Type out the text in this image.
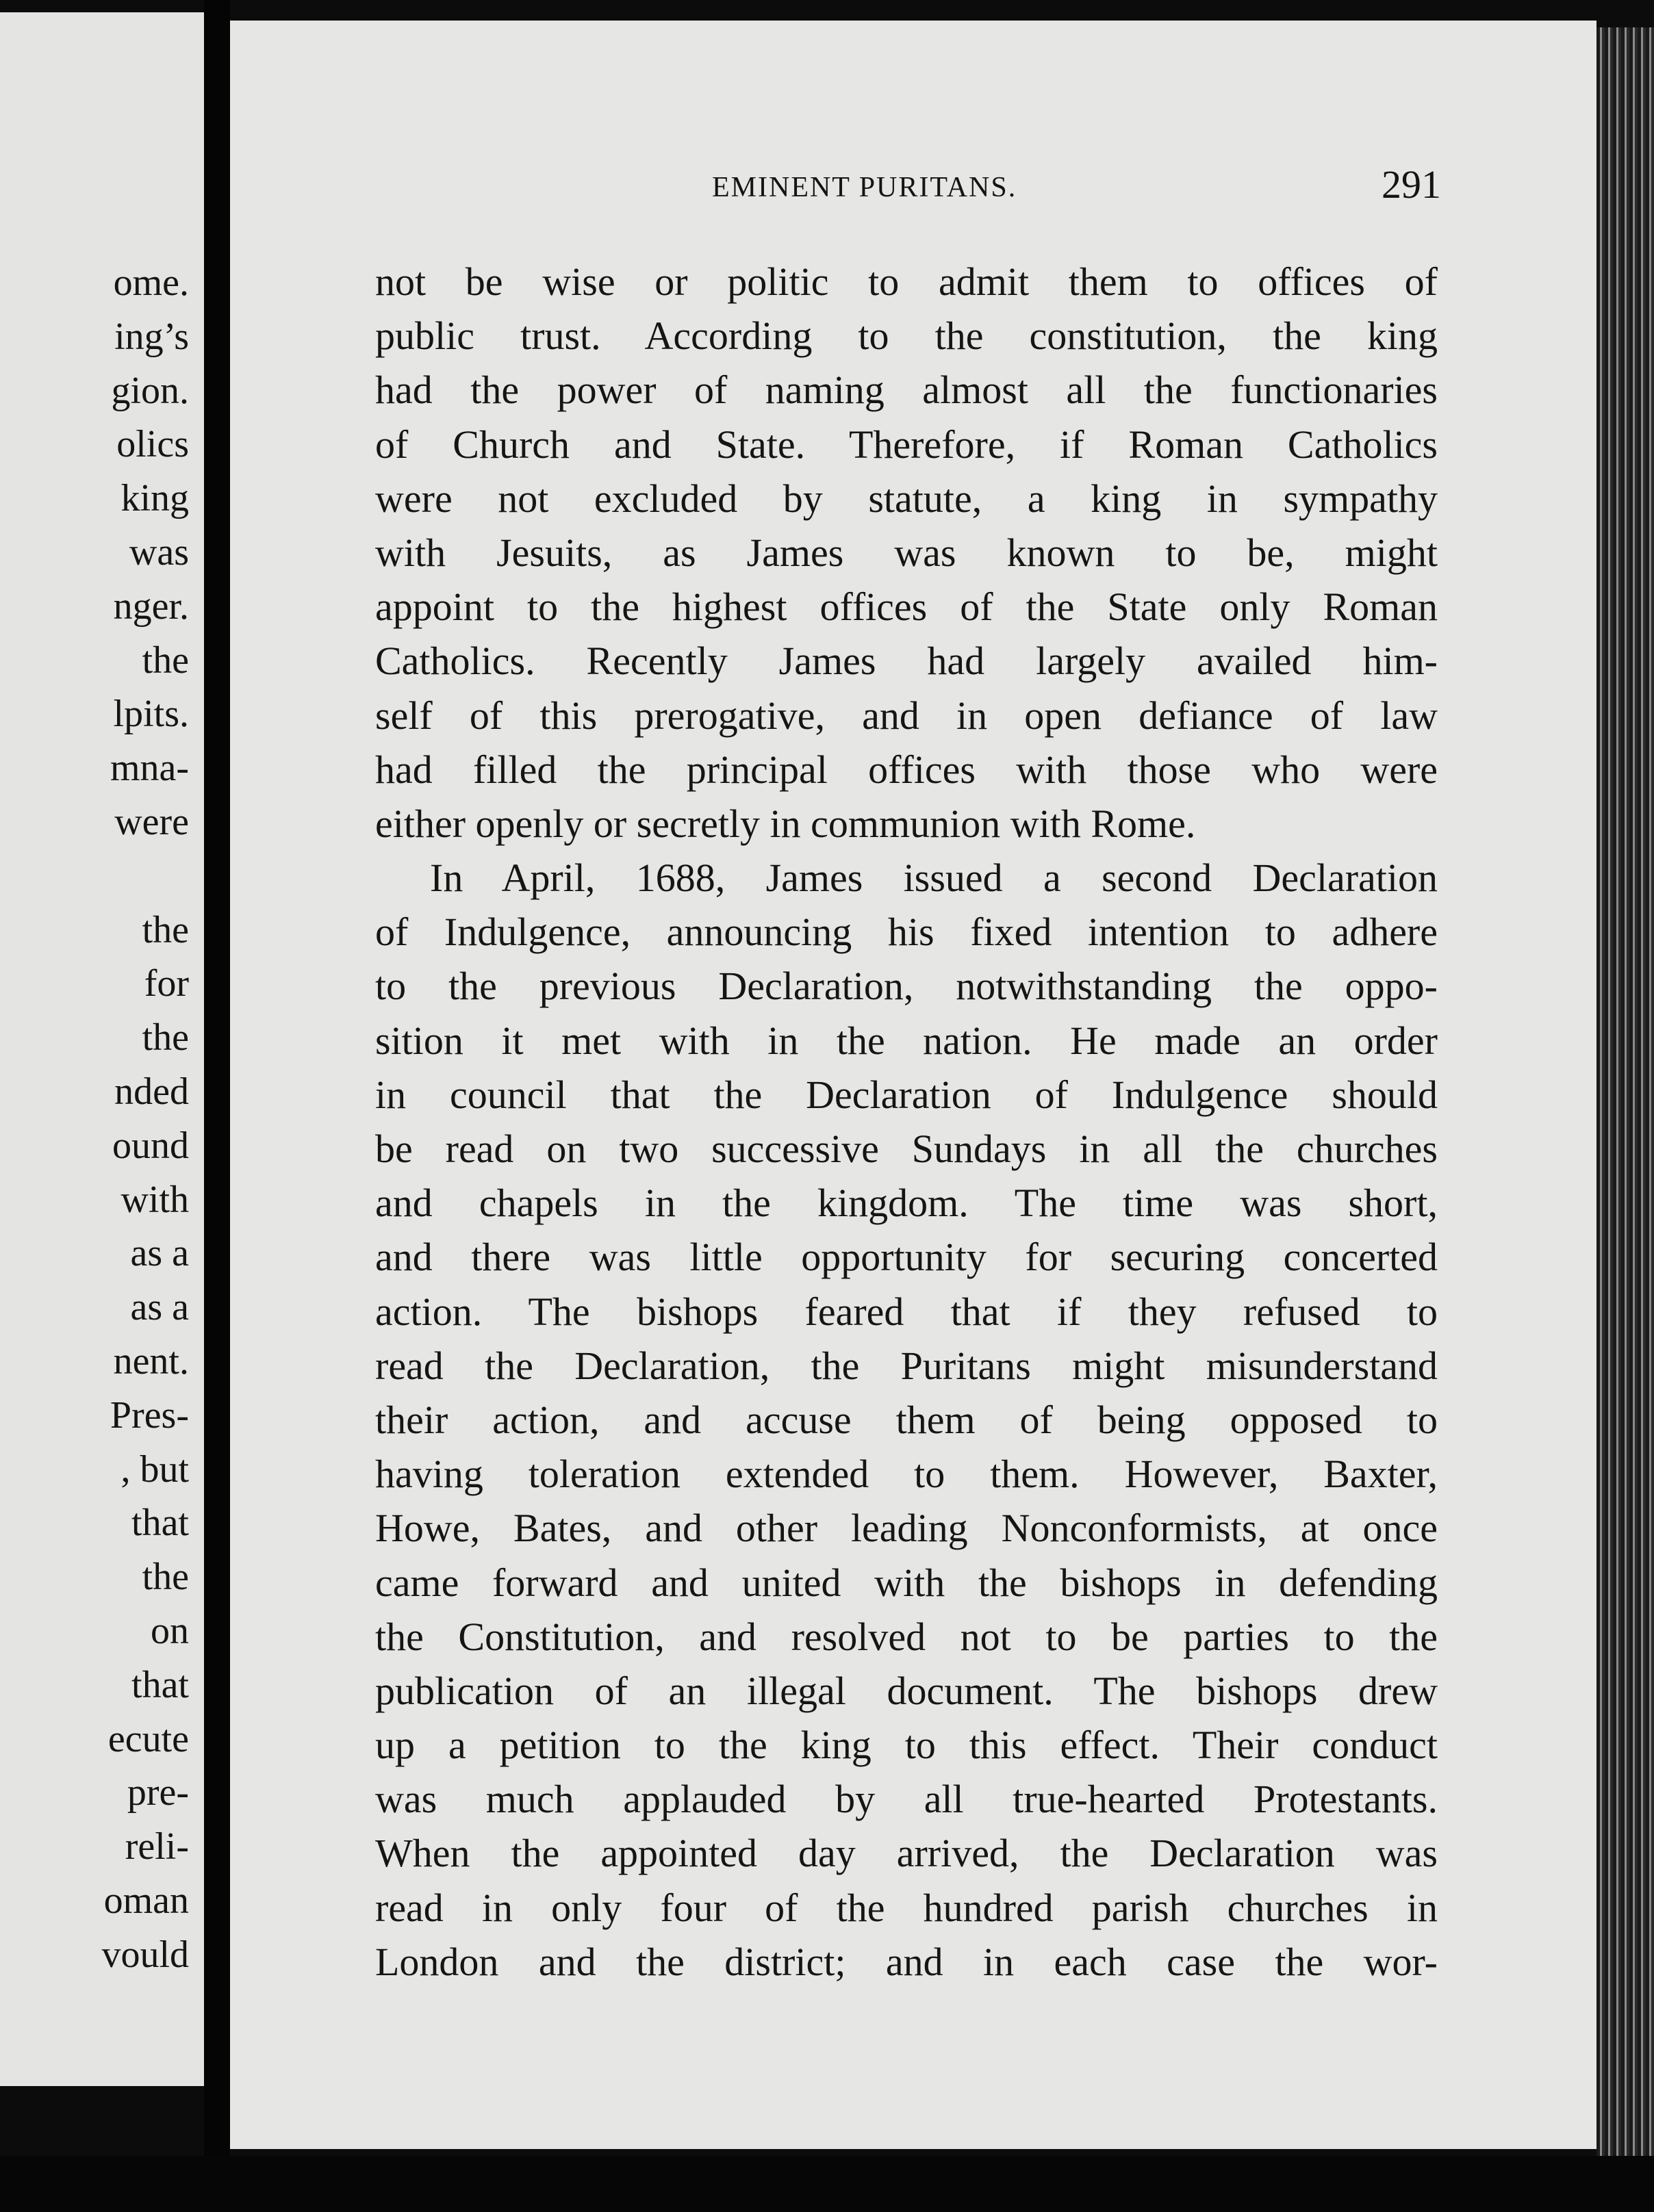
ome.
ing’s
gion.
olics
king
was
nger.
the
lpits.
mna-
were
the
for
the
nded
ound
with
as a
as a
nent.
Pres-
, but
that
the
on
that
ecute
pre-
reli-
oman
vould
EMINENT PURITANS.	291
not be wise or politic to admit them to offices of
public trust. According to the constitution, the king
had the power of naming almost all the functionaries
of Church and State. Therefore, if Roman Catholics
were not excluded by statute, a king in sympathy
with Jesuits, as James was known to be, might
appoint to the highest offices of the State only Roman
Catholics. Recently James had largely availed him-
self of this prerogative, and in open defiance of law
had filled the principal offices with those who were
either openly or secretly in communion with Rome.
In April, 1688, James issued a second Declaration
of Indulgence, announcing his fixed intention to adhere
to the previous Declaration, notwithstanding the oppo-
sition it met with in the nation. He made an order
in council that the Declaration of Indulgence should
be read on two successive Sundays in all the churches
and chapels in the kingdom. The time was short,
and there was little opportunity for securing concerted
action. The bishops feared that if they refused to
read the Declaration, the Puritans might misunderstand
their action, and accuse them of being opposed to
having toleration extended to them. However, Baxter,
Howe, Bates, and other leading Nonconformists, at once
came forward and united with the bishops in defending
the Constitution, and resolved not to be parties to the
publication of an illegal document. The bishops drew
up a petition to the king to this effect. Their conduct
was much applauded by all true-hearted Protestants.
When the appointed day arrived, the Declaration was
read in only four of the hundred parish churches in
London and the district; and in each case the wor-
